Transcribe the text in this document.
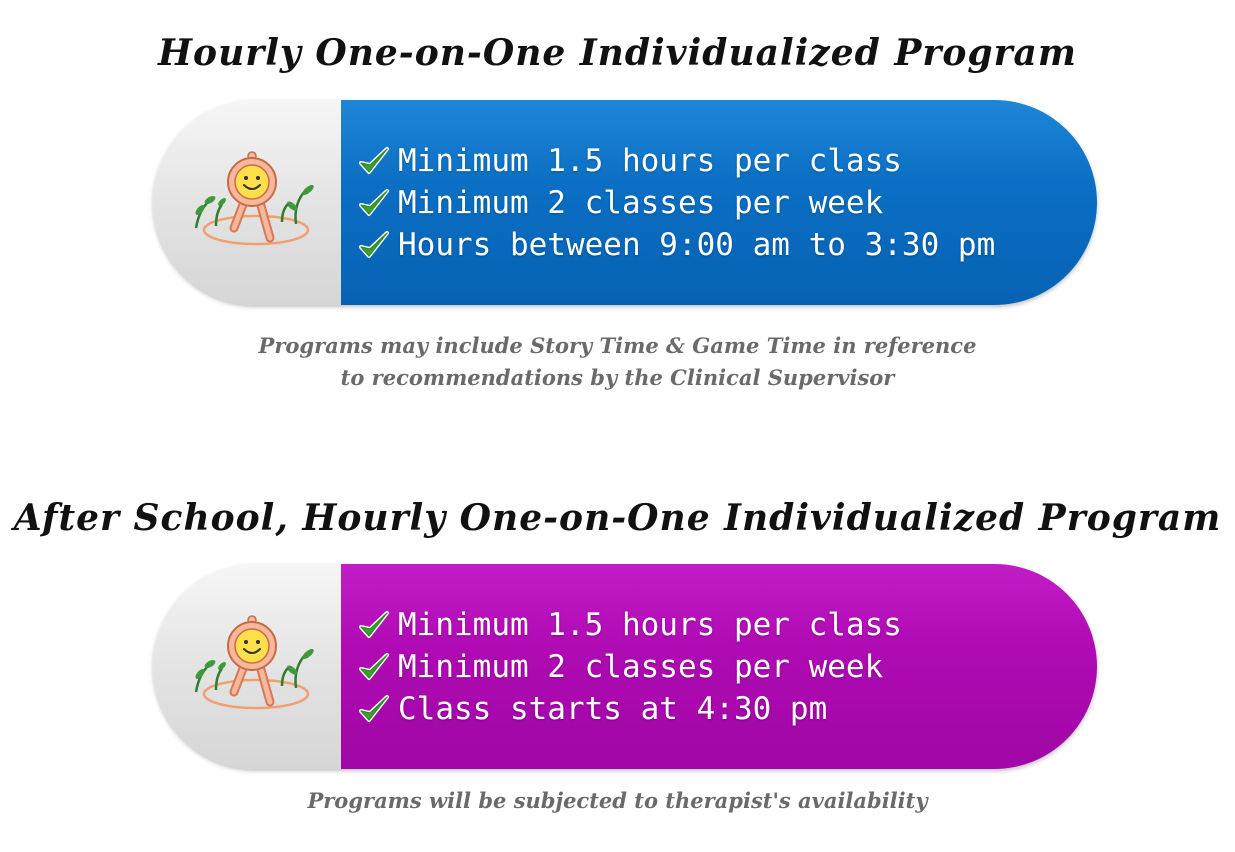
Hourly One-on-One Individualized Program
Minimum 1.5 hours per class
Minimum 2 classes per week
Hours between 9:00 am to 3:30 pm
Programs may include Story Time & Game Time in reference
to recommendations by the Clinical Supervisor
After School, Hourly One-on-One Individualized Program
Minimum 1.5 hours per class
Minimum 2 classes per week
Class starts at 4:30 pm
Programs will be subjected to therapist's availability
